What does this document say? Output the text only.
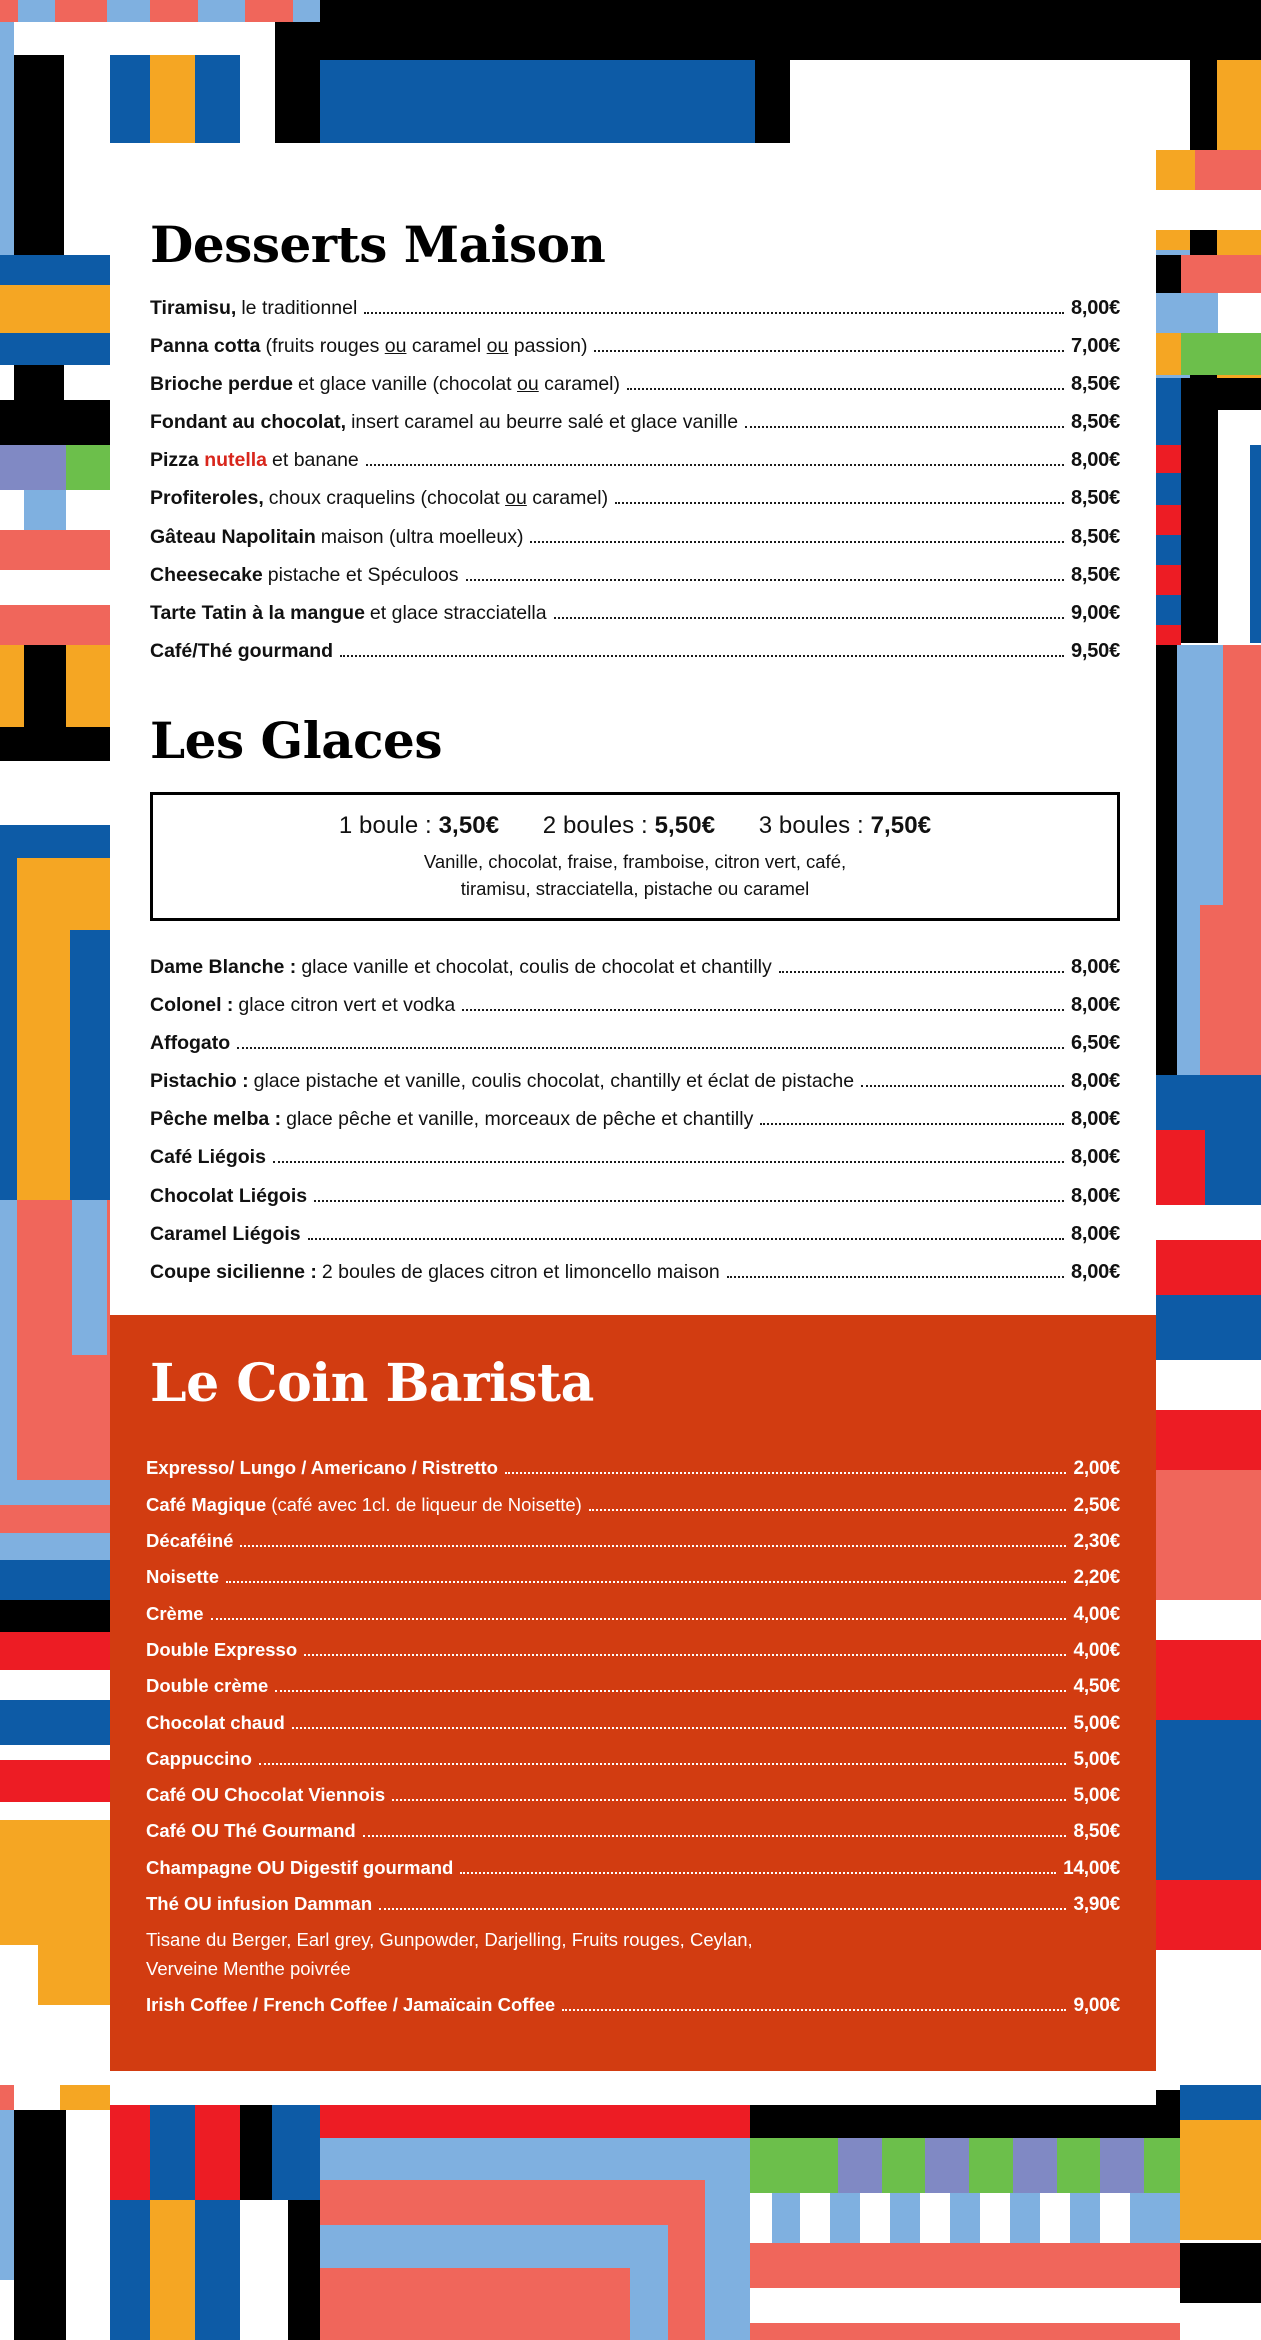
Desserts Maison
Tiramisu, le traditionnel	8,00€
Panna cotta (fruits rouges ou caramel ou passion)	7,00€
Brioche perdue et glace vanille (chocolat ou caramel)	8,50€
Fondant au chocolat, insert caramel au beurre salé et glace vanille	8,50€
Pizza nutella et banane	8,00€
Profiteroles, choux craquelins (chocolat ou caramel)	8,50€
Gâteau Napolitain maison (ultra moelleux)	8,50€
Cheesecake pistache et Spéculoos	8,50€
Tarte Tatin à la mangue et glace stracciatella	9,00€
Café/Thé gourmand	9,50€
Les Glaces
1 boule : 3,50€ 2 boules : 5,50€ 3 boules : 7,50€
Vanille, chocolat, fraise, framboise, citron vert, café,
tiramisu, stracciatella, pistache ou caramel
Dame Blanche : glace vanille et chocolat, coulis de chocolat et chantilly	8,00€
Colonel : glace citron vert et vodka	8,00€
Affogato	6,50€
Pistachio : glace pistache et vanille, coulis chocolat, chantilly et éclat de pistache	8,00€
Pêche melba : glace pêche et vanille, morceaux de pêche et chantilly	8,00€
Café Liégois	8,00€
Chocolat Liégois	8,00€
Caramel Liégois	8,00€
Coupe sicilienne : 2 boules de glaces citron et limoncello maison	8,00€
Le Coin Barista
Expresso/ Lungo / Americano / Ristretto	2,00€
Café Magique (café avec 1cl. de liqueur de Noisette)	2,50€
Décaféiné	2,30€
Noisette	2,20€
Crème	4,00€
Double Expresso	4,00€
Double crème	4,50€
Chocolat chaud	5,00€
Cappuccino	5,00€
Café OU Chocolat Viennois	5,00€
Café OU Thé Gourmand	8,50€
Champagne OU Digestif gourmand	14,00€
Thé OU infusion Damman	3,90€
Tisane du Berger, Earl grey, Gunpowder, Darjelling, Fruits rouges, Ceylan,
Verveine Menthe poivrée
Irish Coffee / French Coffee / Jamaïcain Coffee	9,00€
